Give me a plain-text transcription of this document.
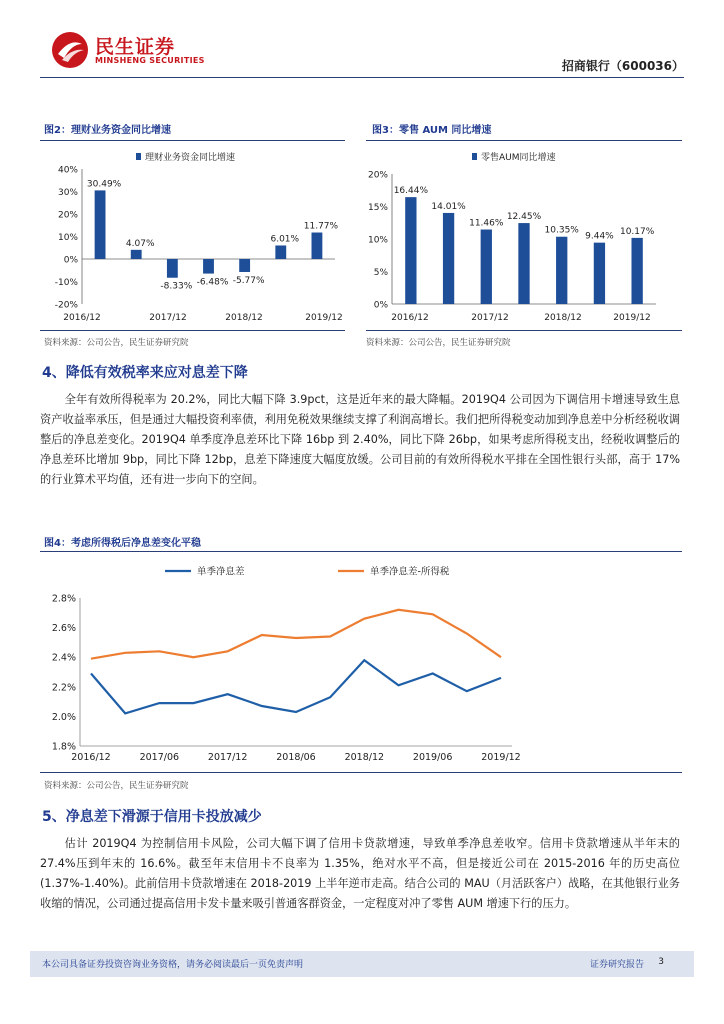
民生证券
MINSHENG SECURITIES	招商银行（600036）
图2：理财业务资金同比增速
40%
30%
20%
10%
0%
-10%
-20%
理财业务资金同比增速
30.49%
4.07%
-8.33% -6.48% -5.77%
6.01%
11.77%
2016/12	2017/12	2018/12	2019/12
资料来源：公司公告，民生证券研究院
图3：零售 AUM 同比增速
20%
15%
10%
5%
0%
零售AUM同比增速
16.44%
14.01%
11.46%
12.45%
10.35%
9.44% 10.17%
2016/12	2017/12	2018/12	2019/12
资料来源：公司公告，民生证券研究院
4、降低有效税率来应对息差下降

全年有效所得税率为 20.2%，同比大幅下降 3.9pct，这是近年来的最大降幅。2019Q4 公司因为下调信用卡增速导致生息资产收益率承压，但是通过大幅投资利率债，利用免税效果继续支撑了利润高增长。我们把所得税变动加到净息差中分析经税收调整后的净息差变化。2019Q4 单季度净息差环比下降 16bp 到 2.40%，同比下降 26bp，如果考虑所得税支出，经税收调整后的净息差环比增加 9bp，同比下降 12bp，息差下降速度大幅度放缓。公司目前的有效所得税水平排在全国性银行头部，高于 17%的行业算术平均值，还有进一步向下的空间。

图4：考虑所得税后净息差变化平稳
2.8%
2.6%
2.4%
2.2%
2.0%
1.8%
单季净息差	单季净息差-所得税
2016/12	2017/06	2017/12	2018/06	2018/12	2019/06	2019/12
资料来源：公司公告，民生证券研究院
5、净息差下滑源于信用卡投放减少

估计 2019Q4 为控制信用卡风险，公司大幅下调了信用卡贷款增速，导致单季净息差收窄。信用卡贷款增速从半年末的 27.4%压到年末的 16.6%。截至年末信用卡不良率为 1.35%，绝对水平不高，但是接近公司在 2015-2016 年的历史高位(1.37%-1.40%)。此前信用卡贷款增速在 2018-2019 上半年逆市走高。结合公司的 MAU（月活跃客户）战略，在其他银行业务收缩的情况，公司通过提高信用卡发卡量来吸引普通客群资金，一定程度对冲了零售 AUM 增速下行的压力。

本公司具备证券投资咨询业务资格，请务必阅读最后一页免责声明	证券研究报告 3
